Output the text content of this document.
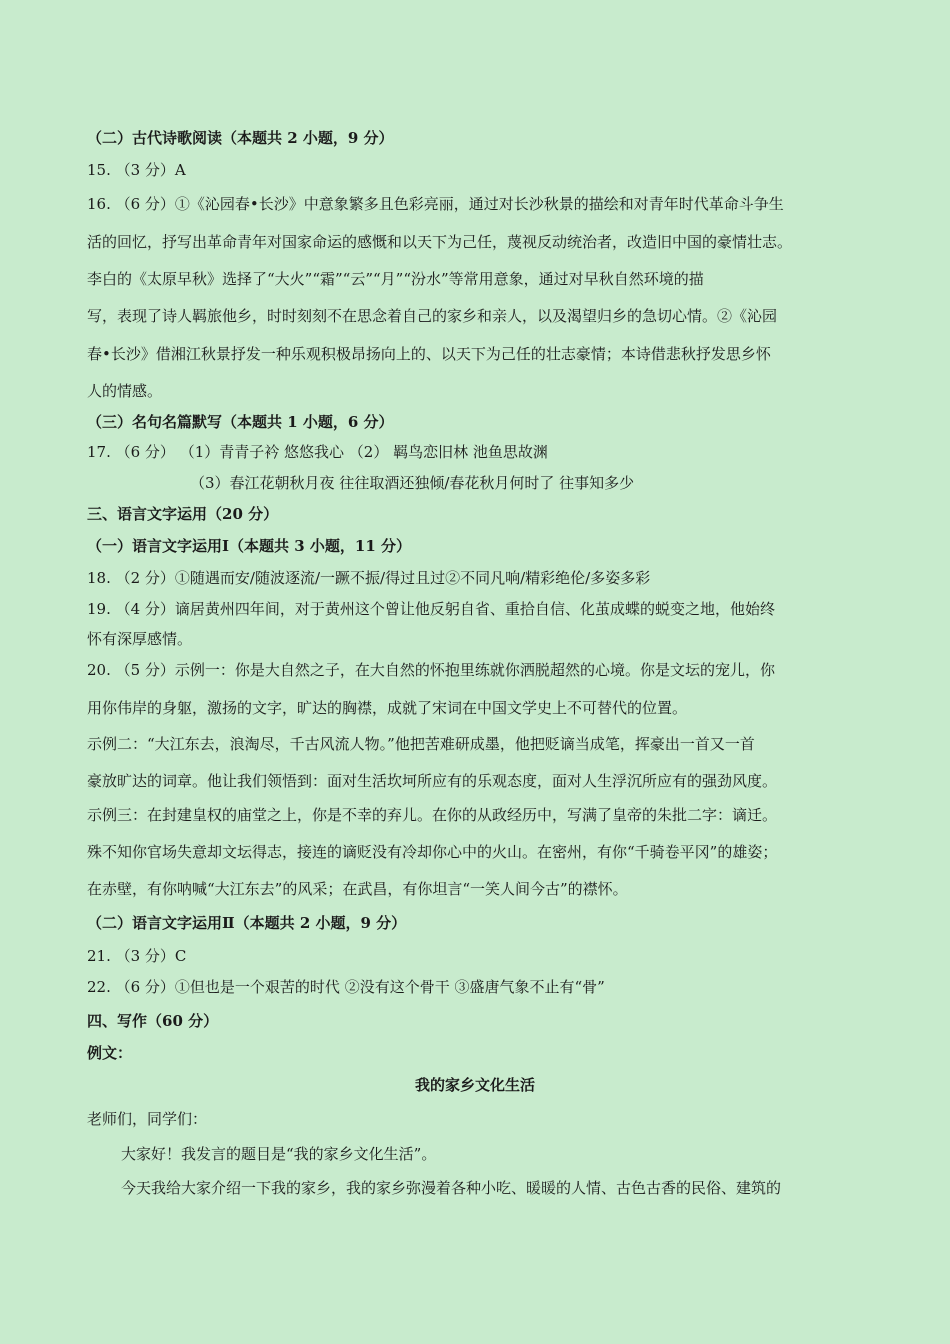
（二）古代诗歌阅读（本题共 2 小题，9 分）
15. （3 分）A
16. （6 分）①《沁园春•长沙》中意象繁多且色彩亮丽，通过对长沙秋景的描绘和对青年时代革命斗争生
活的回忆，抒写出革命青年对国家命运的感慨和以天下为己任，蔑视反动统治者，改造旧中国的豪情壮志。
李白的《太原早秋》选择了“大火”“霜”“云”“月”“汾水”等常用意象，通过对早秋自然环境的描
写，表现了诗人羁旅他乡，时时刻刻不在思念着自己的家乡和亲人，以及渴望归乡的急切心情。②《沁园
春•长沙》借湘江秋景抒发一种乐观积极昂扬向上的、以天下为己任的壮志豪情；本诗借悲秋抒发思乡怀
人的情感。
（三）名句名篇默写（本题共 1 小题，6 分）
17. （6 分） （1）青青子衿 悠悠我心 （2） 羁鸟恋旧林 池鱼思故渊
（3）春江花朝秋月夜 往往取酒还独倾/春花秋月何时了 往事知多少
三、语言文字运用（20 分）
（一）语言文字运用Ⅰ（本题共 3 小题，11 分）
18. （2 分）①随遇而安/随波逐流/一蹶不振/得过且过②不同凡响/精彩绝伦/多姿多彩
19. （4 分）谪居黄州四年间，对于黄州这个曾让他反躬自省、重拾自信、化茧成蝶的蜕变之地，他始终
怀有深厚感情。
20. （5 分）示例一：你是大自然之子，在大自然的怀抱里练就你洒脱超然的心境。你是文坛的宠儿，你
用你伟岸的身躯，激扬的文字，旷达的胸襟，成就了宋词在中国文学史上不可替代的位置。
示例二：“大江东去，浪淘尽，千古风流人物。”他把苦难研成墨，他把贬谪当成笔，挥豪出一首又一首
豪放旷达的词章。他让我们领悟到：面对生活坎坷所应有的乐观态度，面对人生浮沉所应有的强劲风度。
示例三：在封建皇权的庙堂之上，你是不幸的弃儿。在你的从政经历中，写满了皇帝的朱批二字：谪迁。
殊不知你官场失意却文坛得志，接连的谪贬没有冷却你心中的火山。在密州，有你“千骑卷平冈”的雄姿；
在赤壁，有你呐喊“大江东去”的风采；在武昌，有你坦言“一笑人间今古”的襟怀。
（二）语言文字运用Ⅱ（本题共 2 小题，9 分）
21. （3 分）C
22. （6 分）①但也是一个艰苦的时代 ②没有这个骨干 ③盛唐气象不止有“骨”
四、写作（60 分）
例文：
我的家乡文化生活
老师们，同学们：
大家好！我发言的题目是“我的家乡文化生活”。
今天我给大家介绍一下我的家乡，我的家乡弥漫着各种小吃、暖暖的人情、古色古香的民俗、建筑的
